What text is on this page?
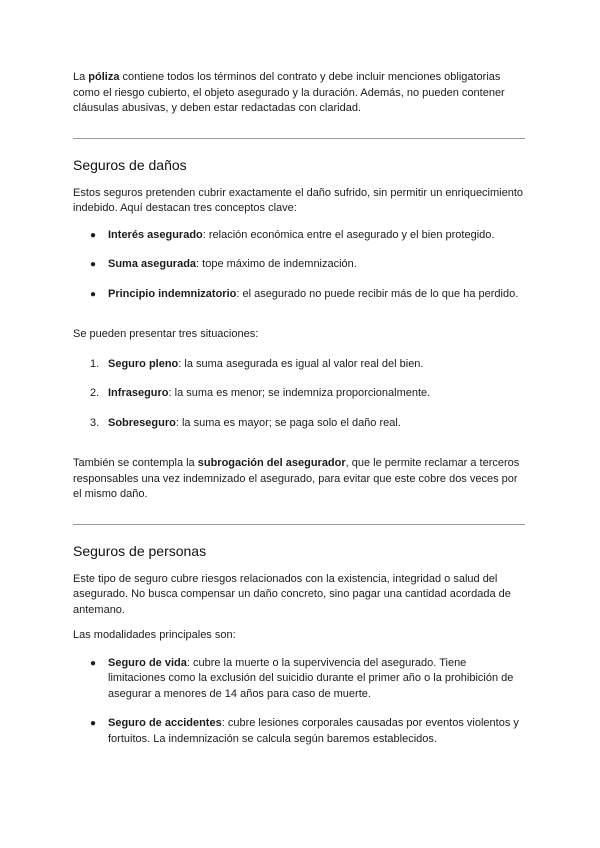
La póliza contiene todos los términos del contrato y debe incluir menciones obligatorias como el riesgo cubierto, el objeto asegurado y la duración. Además, no pueden contener cláusulas abusivas, y deben estar redactadas con claridad.

Seguros de daños

Estos seguros pretenden cubrir exactamente el daño sufrido, sin permitir un enriquecimiento indebido. Aquí destacan tres conceptos clave:

● Interés asegurado: relación económica entre el asegurado y el bien protegido.
● Suma asegurada: tope máximo de indemnización.
● Principio indemnizatorio: el asegurado no puede recibir más de lo que ha perdido.

Se pueden presentar tres situaciones:

1. Seguro pleno: la suma asegurada es igual al valor real del bien.
2. Infraseguro: la suma es menor; se indemniza proporcionalmente.
3. Sobreseguro: la suma es mayor; se paga solo el daño real.

También se contempla la subrogación del asegurador, que le permite reclamar a terceros responsables una vez indemnizado el asegurado, para evitar que este cobre dos veces por el mismo daño.

Seguros de personas

Este tipo de seguro cubre riesgos relacionados con la existencia, integridad o salud del asegurado. No busca compensar un daño concreto, sino pagar una cantidad acordada de antemano.

Las modalidades principales son:

● Seguro de vida: cubre la muerte o la supervivencia del asegurado. Tiene limitaciones como la exclusión del suicidio durante el primer año o la prohibición de asegurar a menores de 14 años para caso de muerte.
● Seguro de accidentes: cubre lesiones corporales causadas por eventos violentos y fortuitos. La indemnización se calcula según baremos establecidos.
